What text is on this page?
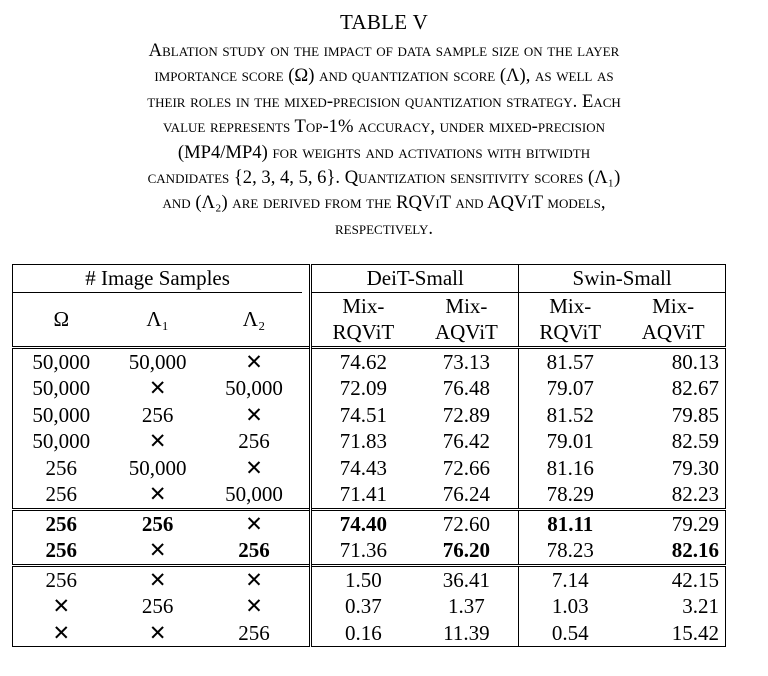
TABLE V
Ablation study on the impact of data sample size on the layer
importance score (Ω) and quantization score (Λ), as well as
their roles in the mixed-precision quantization strategy. Each
value represents Top-1% accuracy, under mixed-precision
(MP4/MP4) for weights and activations with bitwidth
candidates {2, 3, 4, 5, 6}. Quantization sensitivity scores (Λ₁)
and (Λ₂) are derived from the RQViT and AQViT models,
respectively.
# Image Samples				DeiT-Small		Swin-Small	
Ω	Λ₁	Λ₂		Mix-	Mix-	Mix-	Mix-
				RQViT	AQViT	RQViT	AQViT
50,000	50,000	✕		74.62	73.13	81.57	80.13
50,000	✕	50,000		72.09	76.48	79.07	82.67
50,000	256	✕		74.51	72.89	81.52	79.85
50,000	✕	256		71.83	76.42	79.01	82.59
256	50,000	✕		74.43	72.66	81.16	79.30
256	✕	50,000		71.41	76.24	78.29	82.23
256	256	✕		74.40	72.60	81.11	79.29
256	✕	256		71.36	76.20	78.23	82.16
256	✕	✕		1.50	36.41	7.14	42.15
✕	256	✕		0.37	1.37	1.03	3.21
✕	✕	256		0.16	11.39	0.54	15.42
